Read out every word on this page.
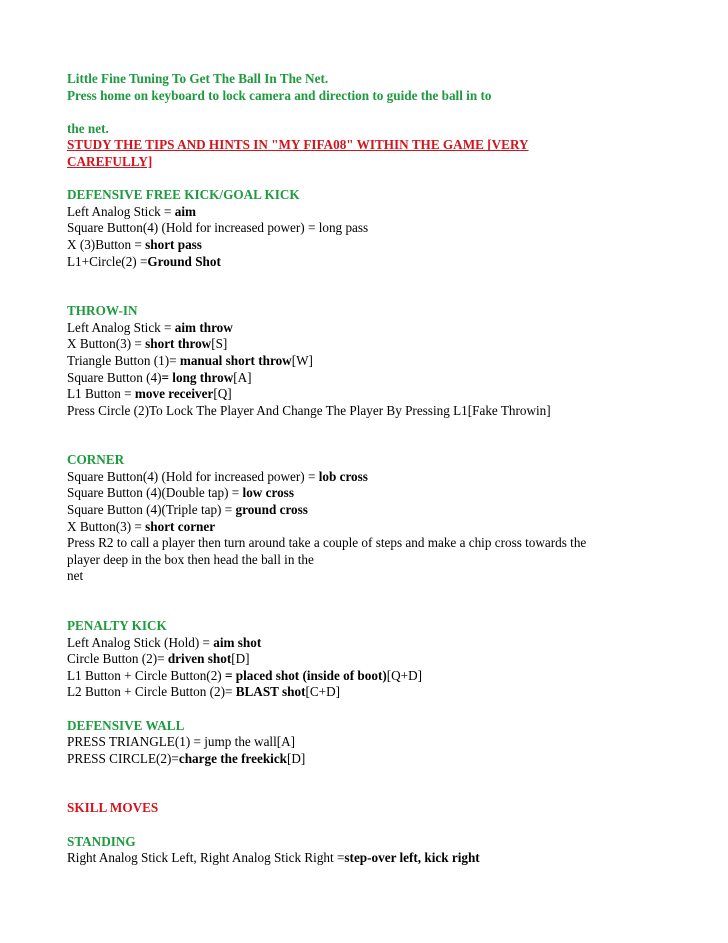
Little Fine Tuning To Get The Ball In The Net.
Press home on keyboard to lock camera and direction to guide the ball in to
the net.
STUDY THE TIPS AND HINTS IN "MY FIFA08" WITHIN THE GAME [VERY
CAREFULLY]
DEFENSIVE FREE KICK/GOAL KICK
Left Analog Stick = aim
Square Button(4) (Hold for increased power) = long pass
X (3)Button = short pass
L1+Circle(2) =Ground Shot
THROW-IN
Left Analog Stick = aim throw
X Button(3) = short throw[S]
Triangle Button (1)= manual short throw[W]
Square Button (4)= long throw[A]
L1 Button = move receiver[Q]
Press Circle (2)To Lock The Player And Change The Player By Pressing L1[Fake Throwin]
CORNER
Square Button(4) (Hold for increased power) = lob cross
Square Button (4)(Double tap) = low cross
Square Button (4)(Triple tap) = ground cross
X Button(3) = short corner
Press R2 to call a player then turn around take a couple of steps and make a chip cross towards the
player deep in the box then head the ball in the
net
PENALTY KICK
Left Analog Stick (Hold) = aim shot
Circle Button (2)= driven shot[D]
L1 Button + Circle Button(2) = placed shot (inside of boot)[Q+D]
L2 Button + Circle Button (2)= BLAST shot[C+D]
DEFENSIVE WALL
PRESS TRIANGLE(1) = jump the wall[A]
PRESS CIRCLE(2)=charge the freekick[D]
SKILL MOVES
STANDING
Right Analog Stick Left, Right Analog Stick Right =step-over left, kick right
